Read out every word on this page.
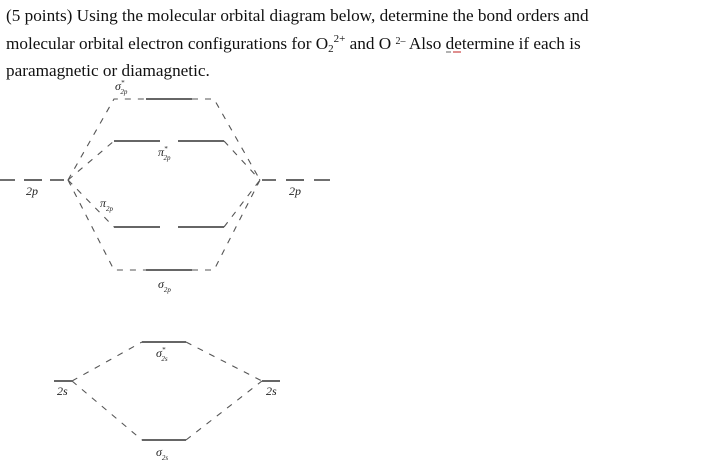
(5 points) Using the molecular orbital diagram below, determine the bond orders and
molecular orbital electron configurations for $O_2^{2+}$ and O $^{2-}$ Also determine if each is
paramagnetic or diamagnetic.
2p	2p
2s	2s
σ* 2p
π* 2p
$\pi_{2p}$
$\sigma_{2p}$
σ* 2s
$\sigma_{2s}$
